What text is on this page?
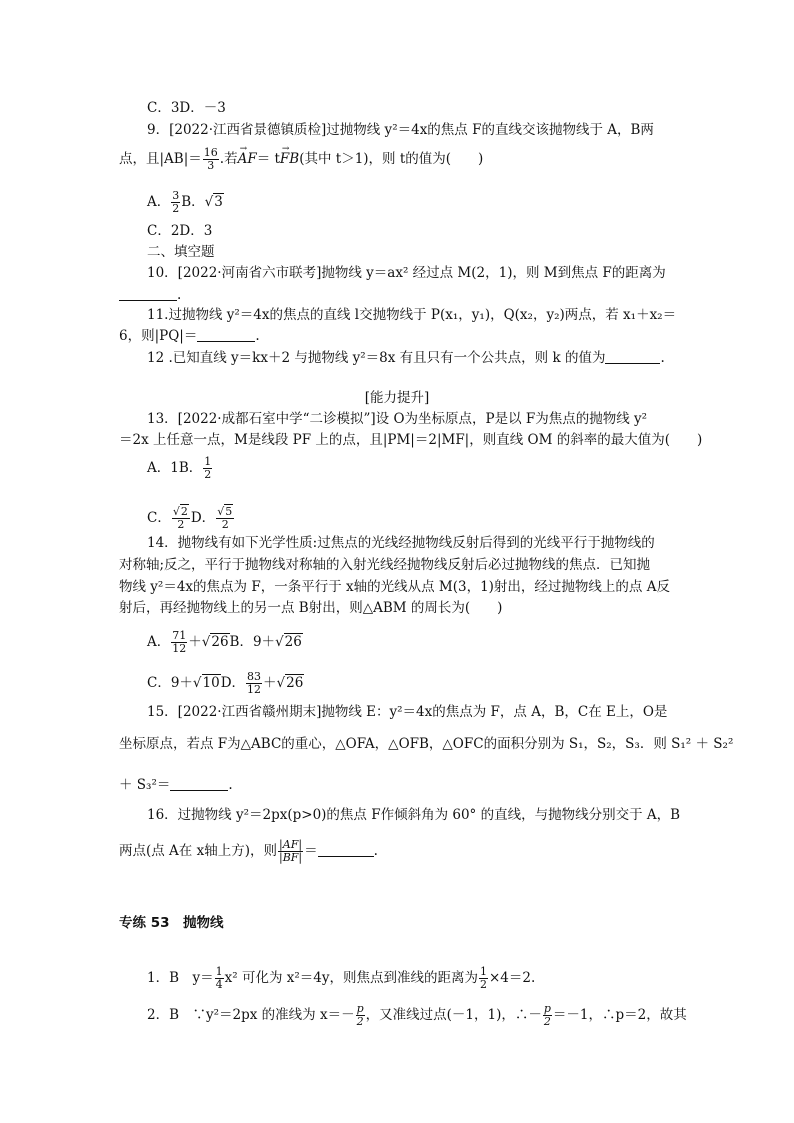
C．3D．－3
9．[2022·江西省景德镇质检]过抛物线 y²＝4x的焦点 F的直线交该抛物线于 A，B两
点，且$|AB|= \frac{16}{3}$ .若→ AF＝ t→ FB(其中 t＞1)，则 t的值为(　　)
A． $\frac{3}{2}$ B．√3
C．2D．3
二、填空题
10．[2022·河南省六市联考]抛物线 y＝ax² 经过点 M(2，1)，则 M到焦点 F的距离为
.
11.过抛物线 y²＝4x的焦点的直线 l交抛物线于 P(x₁，y₁)，Q(x₂，y₂)两点，若 x₁＋x₂＝
6，则|PQ|＝	.
12 .已知直线 y＝kx＋2 与抛物线 y²＝8x 有且只有一个公共点，则 k 的值为	.
[能力提升]
13．[2022·成都石室中学“二诊模拟”]设 O为坐标原点，P是以 F为焦点的抛物线 y²
＝2x 上任意一点，M是线段 PF 上的点，且|PM|＝2|MF|，则直线 OM 的斜率的最大值为(　　)
A．1B． $\frac{1}{2}$
C． $\frac{√2}{2}$ D． $\frac{√5}{2}$
14．抛物线有如下光学性质:过焦点的光线经抛物线反射后得到的光线平行于抛物线的
对称轴;反之，平行于抛物线对称轴的入射光线经抛物线反射后必过抛物线的焦点．已知抛
物线 y²＝4x的焦点为 F，一条平行于 x轴的光线从点 M(3，1)射出，经过抛物线上的点 A反
射后，再经抛物线上的另一点 B射出，则△ABM 的周长为(　　)
A． $\frac{71}{12} +√26B$．9＋√26
C．9＋√10D． $\frac{83}{12} +√26$
15．[2022·江西省赣州期末]抛物线 E：y²＝4x的焦点为 F，点 A，B，C在 E上，O是
坐标原点，若点 F为△ABC的重心，△OFA，△OFB，△OFC的面积分别为 S₁，S₂，S₃．则 S₁² ＋ S₂²
＋ S₃²＝	.
16．过抛物线 y²＝2px(p>0)的焦点 F作倾斜角为 60° 的直线，与抛物线分别交于 A，B
两点(点 A在 x轴上方)，则 $\frac{|AF|}{|BF|}$ ＝	.
专练 53　抛物线
1．B　$y= \frac{1}{4} x^2$ 可化为 x²＝4y，则焦点到准线的距离为 $\frac{1}{2} \times 4=2$.
2．B　∵y²＝2px 的准线为 $x=- \frac{p}{2}$ ，又准线过点(－1，1)，∴－ $\frac{p}{2} =-1$，∴p＝2，故其
